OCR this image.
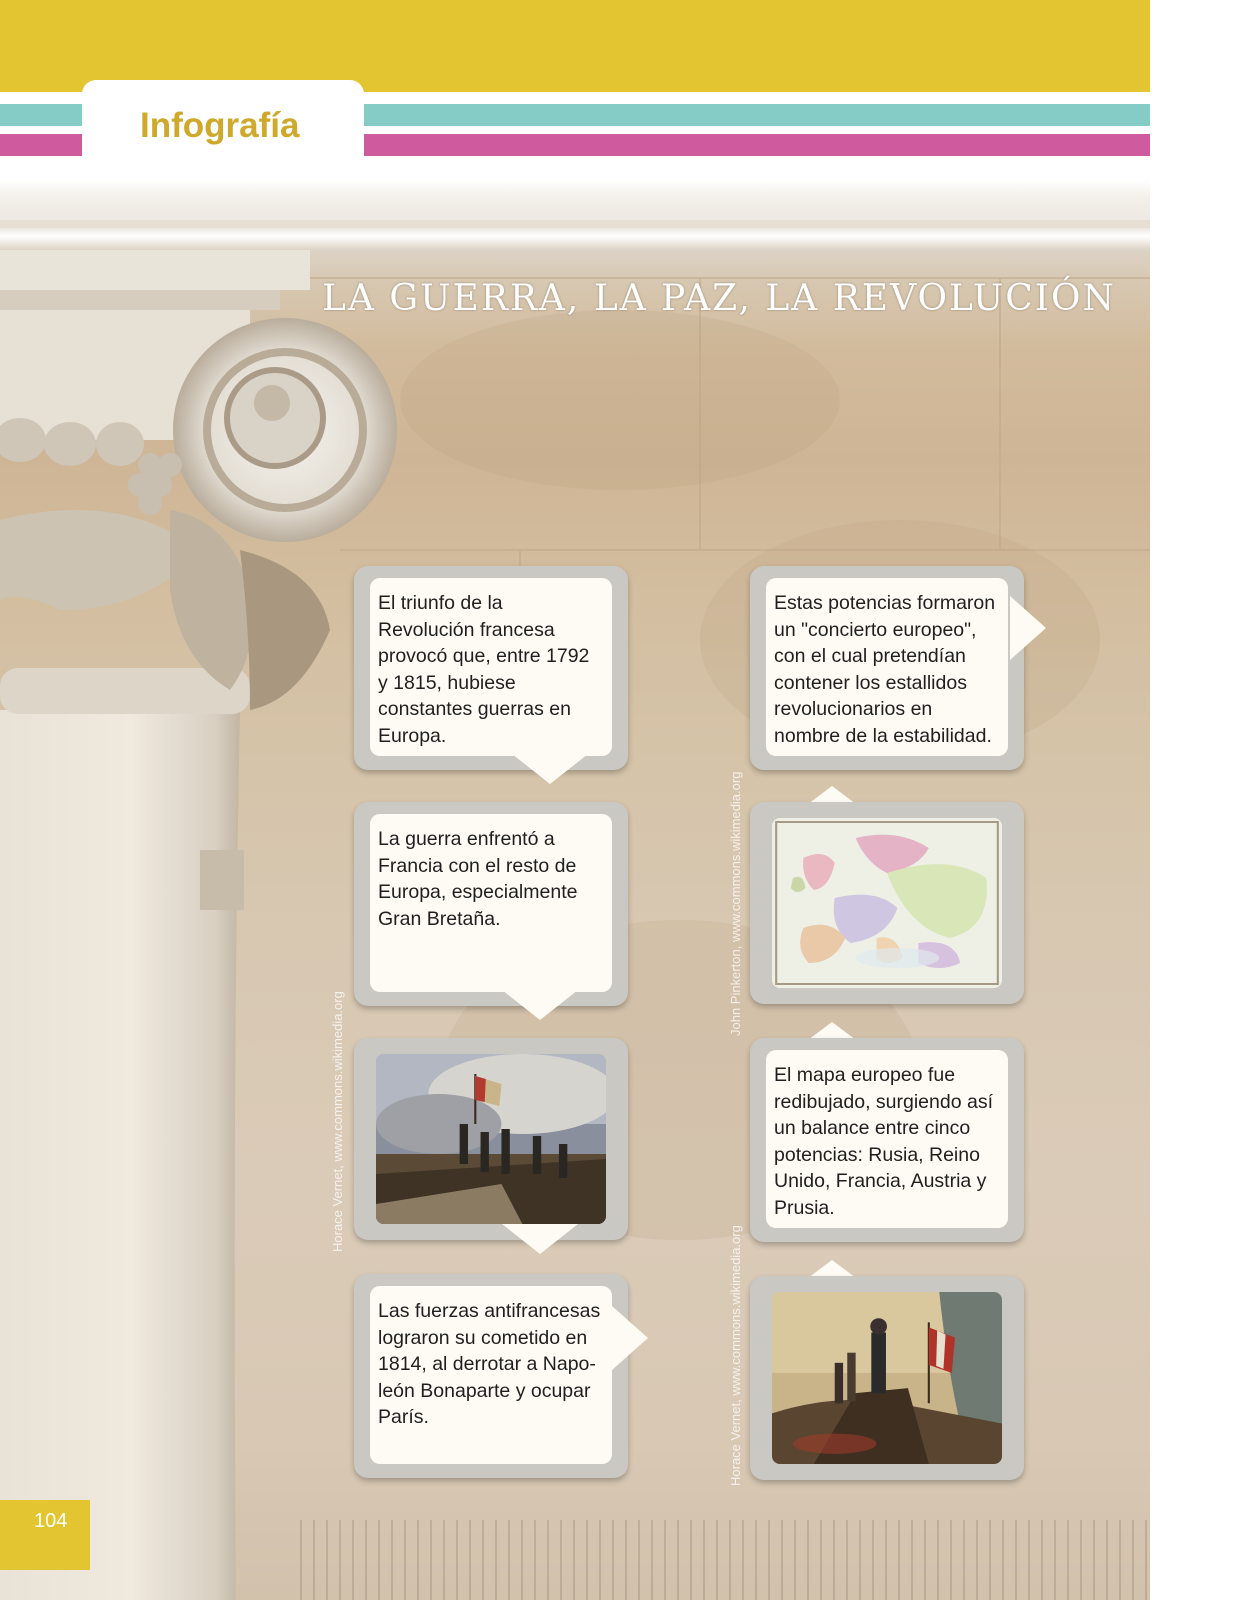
Infografía
LA GUERRA, LA PAZ, LA REVOLUCIÓN

El triunfo de la Revolución francesa provocó que, entre 1792 y 1815, hubiese constantes guerras en Europa.

La guerra enfrentó a Francia con el resto de Europa, especialmente Gran Bretaña.

Las fuerzas antifrancesas lograron su cometido en 1814, al derrotar a Napo-león Bonaparte y ocupar París.

Estas potencias formaron un "concierto europeo", con el cual pretendían contener los estallidos revolucionarios en nombre de la estabilidad.

El mapa europeo fue redibujado, surgiendo así un balance entre cinco potencias: Rusia, Reino Unido, Francia, Austria y Prusia.

Horace Vernet, www.commons.wikimedia.org
John Pinkerton, www.commons.wikimedia.org
Horace Vernet, www.commons.wikimedia.org
104
